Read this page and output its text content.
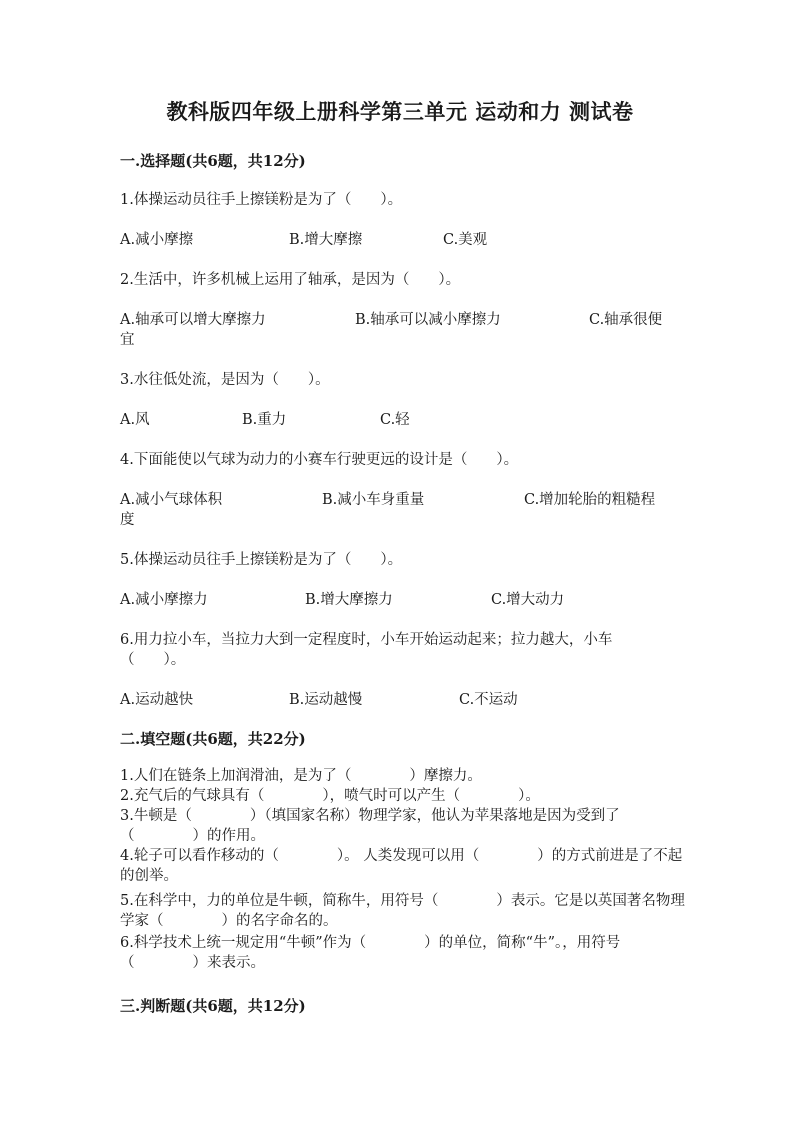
教科版四年级上册科学第三单元 运动和力 测试卷
一.选择题(共6题，共12分)
1.体操运动员往手上擦镁粉是为了（　　）。
A.减小摩擦	B.增大摩擦	C.美观
2.生活中，许多机械上运用了轴承，是因为（　　）。
A.轴承可以增大摩擦力	B.轴承可以减小摩擦力	C.轴承很便
宜
3.水往低处流，是因为（　　）。
A.风	B.重力	C.轻
4.下面能使以气球为动力的小赛车行驶更远的设计是（　　）。
A.减小气球体积	B.减小车身重量	C.增加轮胎的粗糙程
度
5.体操运动员往手上擦镁粉是为了（　　）。
A.减小摩擦力	B.增大摩擦力	C.增大动力
6.用力拉小车，当拉力大到一定程度时，小车开始运动起来；拉力越大，小车
（　　）。
A.运动越快	B.运动越慢	C.不运动
二.填空题(共6题，共22分)
1.人们在链条上加润滑油，是为了（　　　　）摩擦力。
2.充气后的气球具有（　　　　），喷气时可以产生（　　　　）。
3.牛顿是（　　　　）（填国家名称）物理学家，他认为苹果落地是因为受到了（　　　　）的作用。
4.轮子可以看作移动的（　　　　）。 人类发现可以用（　　　　）的方式前进是了不起的创举。
5.在科学中，力的单位是牛顿，简称牛，用符号（　　　　）表示。它是以英国著名物理学家（　　　　）的名字命名的。
6.科学技术上统一规定用“牛顿”作为（　　　　）的单位，简称“牛”。，用符号（　　　　）来表示。
三.判断题(共6题，共12分)
